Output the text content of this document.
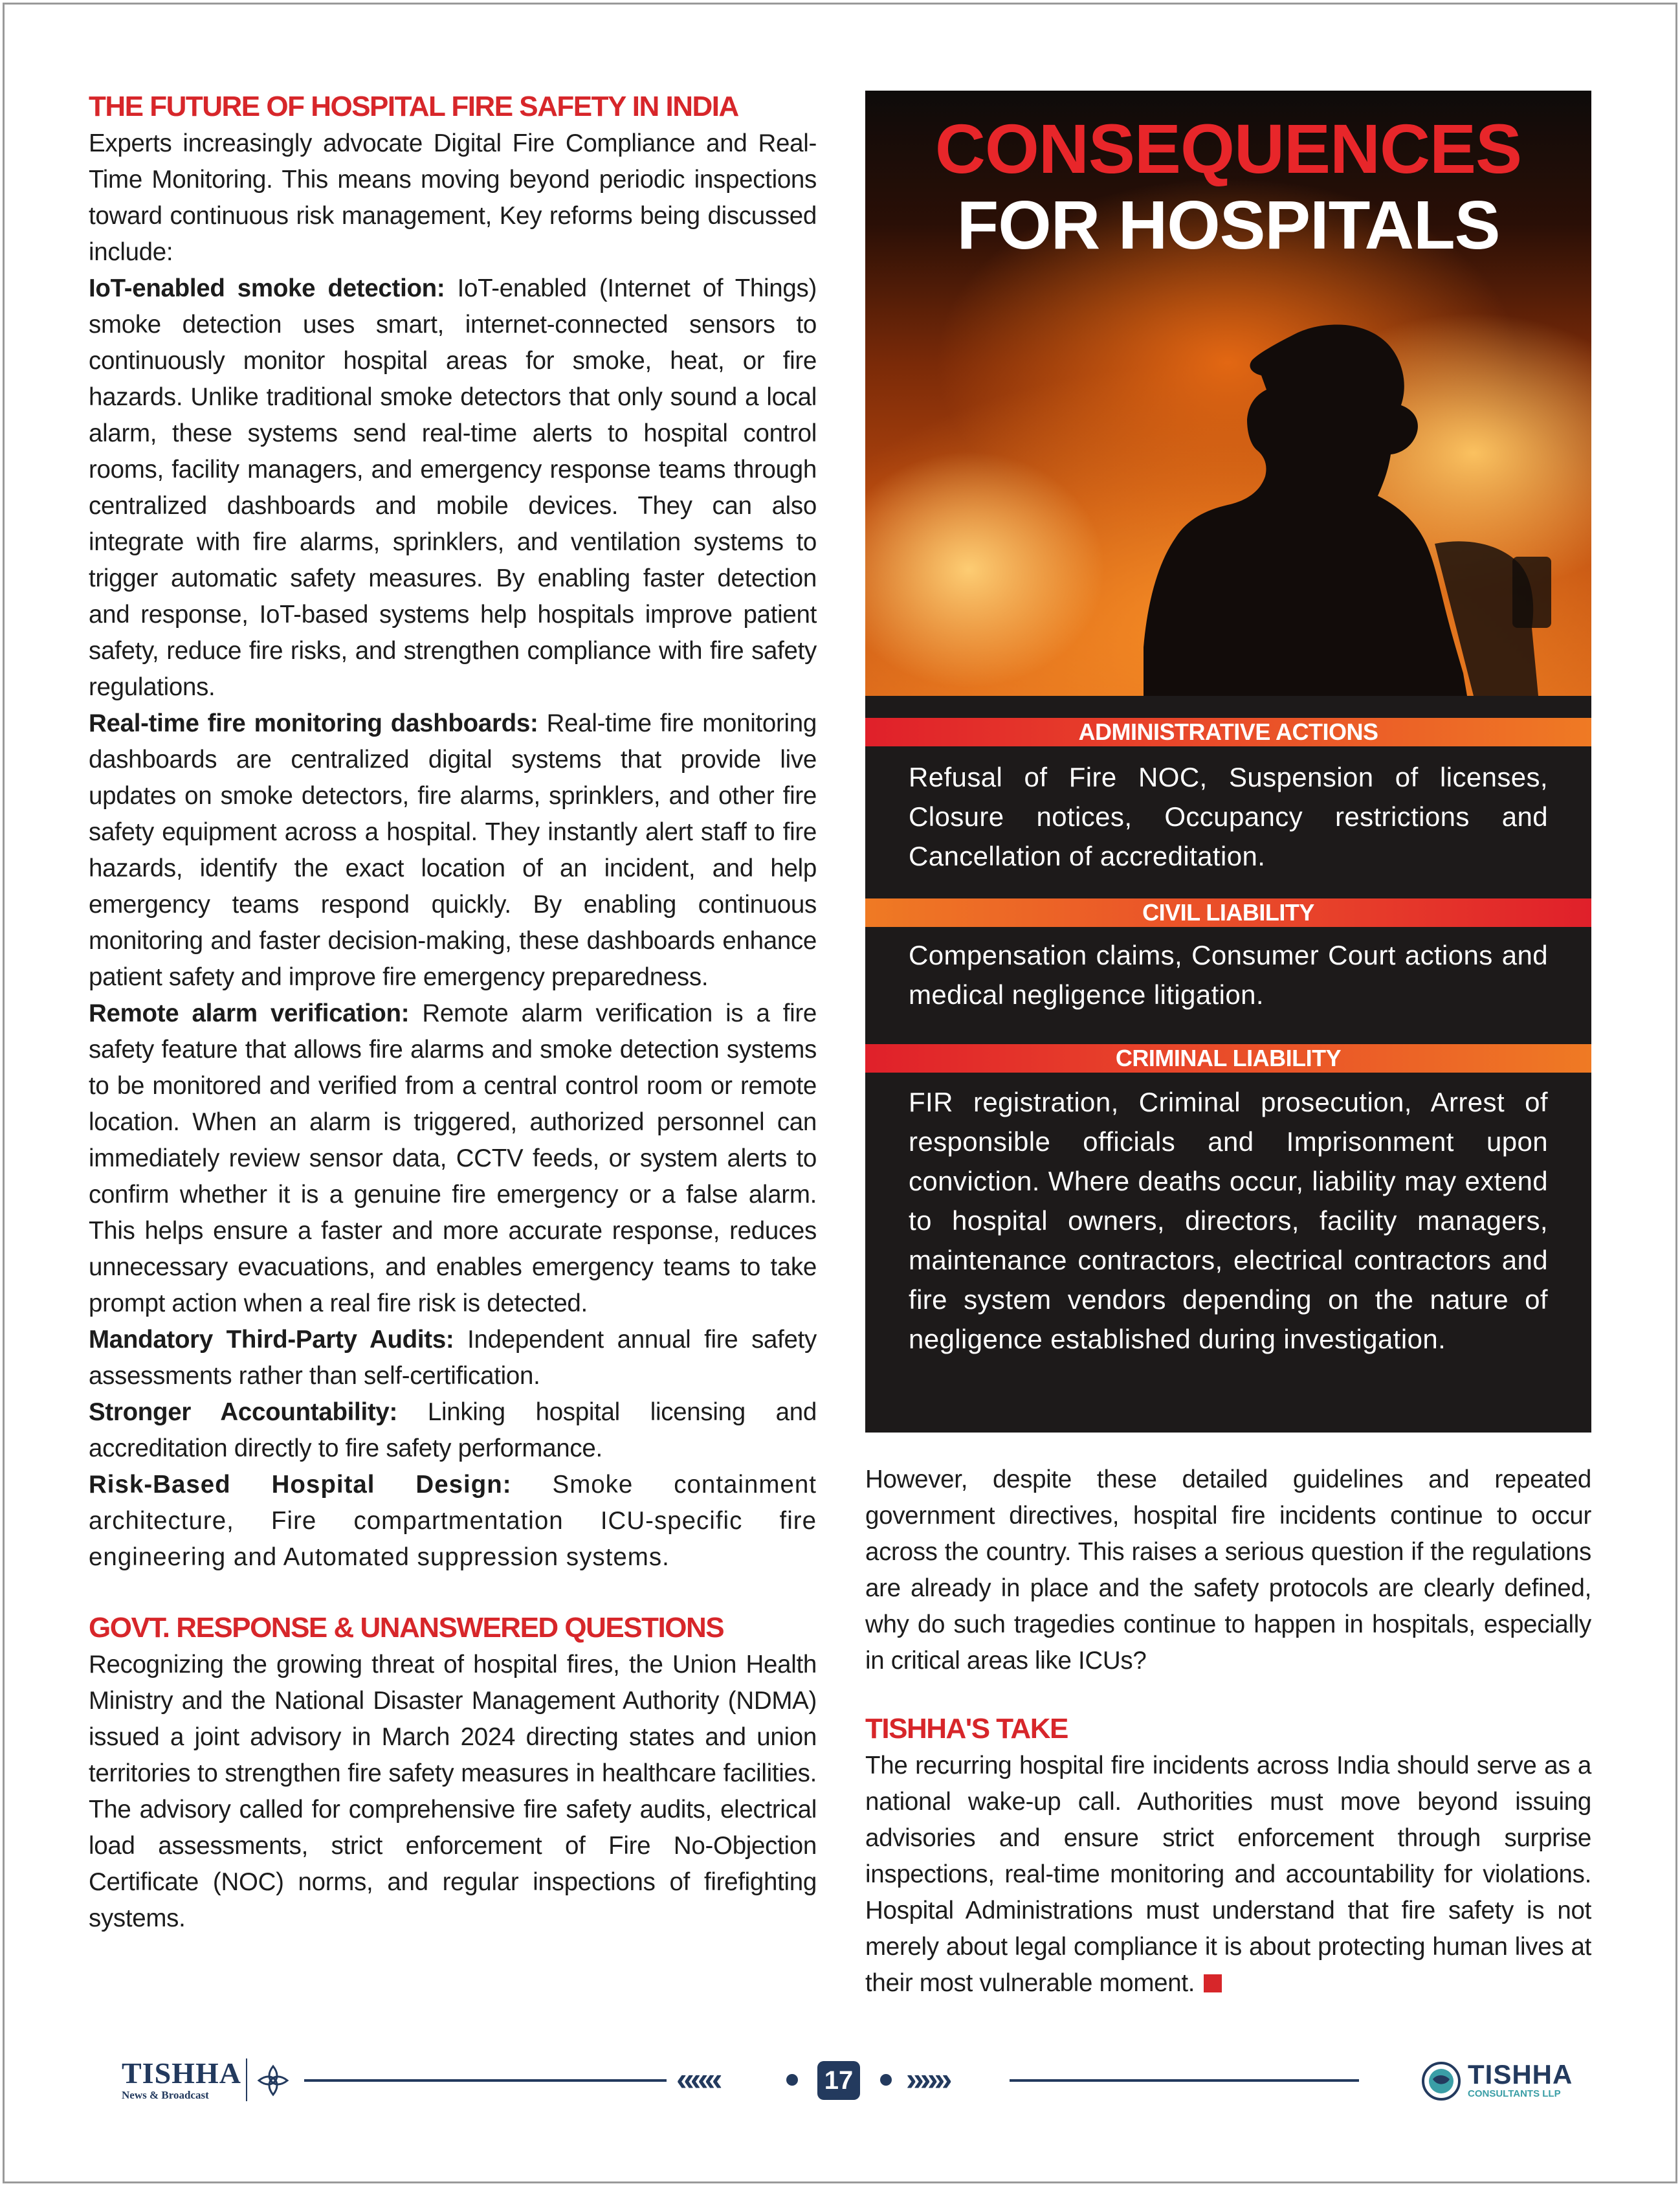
THE FUTURE OF HOSPITAL FIRE SAFETY IN INDIA

Experts increasingly advocate Digital Fire Compliance and Real-Time Monitoring. This means moving beyond periodic inspections toward continuous risk management, Key reforms being discussed include:

IoT-enabled smoke detection: IoT-enabled (Internet of Things) smoke detection uses smart, internet-connected sensors to continuously monitor hospital areas for smoke, heat, or fire hazards. Unlike traditional smoke detectors that only sound a local alarm, these systems send real-time alerts to hospital control rooms, facility managers, and emergency response teams through centralized dashboards and mobile devices. They can also integrate with fire alarms, sprinklers, and ventilation systems to trigger automatic safety measures. By enabling faster detection and response, IoT-based systems help hospitals improve patient safety, reduce fire risks, and strengthen compliance with fire safety regulations.

Real-time fire monitoring dashboards: Real-time fire monitoring dashboards are centralized digital systems that provide live updates on smoke detectors, fire alarms, sprinklers, and other fire safety equipment across a hospital. They instantly alert staff to fire hazards, identify the exact location of an incident, and help emergency teams respond quickly. By enabling continuous monitoring and faster decision-making, these dashboards enhance patient safety and improve fire emergency preparedness.

Remote alarm verification: Remote alarm verification is a fire safety feature that allows fire alarms and smoke detection systems to be monitored and verified from a central control room or remote location. When an alarm is triggered, authorized personnel can immediately review sensor data, CCTV feeds, or system alerts to confirm whether it is a genuine fire emergency or a false alarm. This helps ensure a faster and more accurate response, reduces unnecessary evacuations, and enables emergency teams to take prompt action when a real fire risk is detected.

Mandatory Third-Party Audits: Independent annual fire safety assessments rather than self-certification.

Stronger Accountability: Linking hospital licensing and accreditation directly to fire safety performance.

Risk-Based Hospital Design: Smoke containment architecture, Fire compartmentation ICU-specific fire engineering and Automated suppression systems.

GOVT. RESPONSE & UNANSWERED QUESTIONS

Recognizing the growing threat of hospital fires, the Union Health Ministry and the National Disaster Management Authority (NDMA) issued a joint advisory in March 2024 directing states and union territories to strengthen fire safety measures in healthcare facilities. The advisory called for comprehensive fire safety audits, electrical load assessments, strict enforcement of Fire No-Objection Certificate (NOC) norms, and regular inspections of firefighting systems.

CONSEQUENCES
FOR HOSPITALS
ADMINISTRATIVE ACTIONS

Refusal of Fire NOC, Suspension of licenses, Closure notices, Occupancy restrictions and Cancellation of accreditation.

CIVIL LIABILITY

Compensation claims, Consumer Court actions and medical negligence litigation.

CRIMINAL LIABILITY

FIR registration, Criminal prosecution, Arrest of responsible officials and Imprisonment upon conviction. Where deaths occur, liability may extend to hospital owners, directors, facility managers, maintenance contractors, electrical contractors and fire system vendors depending on the nature of negligence established during investigation.

However, despite these detailed guidelines and repeated government directives, hospital fire incidents continue to occur across the country. This raises a serious question if the regulations are already in place and the safety protocols are clearly defined, why do such tragedies continue to happen in hospitals, especially in critical areas like ICUs?

TISHHA'S TAKE

The recurring hospital fire incidents across India should serve as a national wake-up call. Authorities must move beyond issuing advisories and ensure strict enforcement through surprise inspections, real-time monitoring and accountability for violations. Hospital Administrations must understand that fire safety is not merely about legal compliance it is about protecting human lives at their most vulnerable moment.

TISHHA
News & Broadcast	«««	17 »»»	TISHHA
CONSULTANTS LLP
